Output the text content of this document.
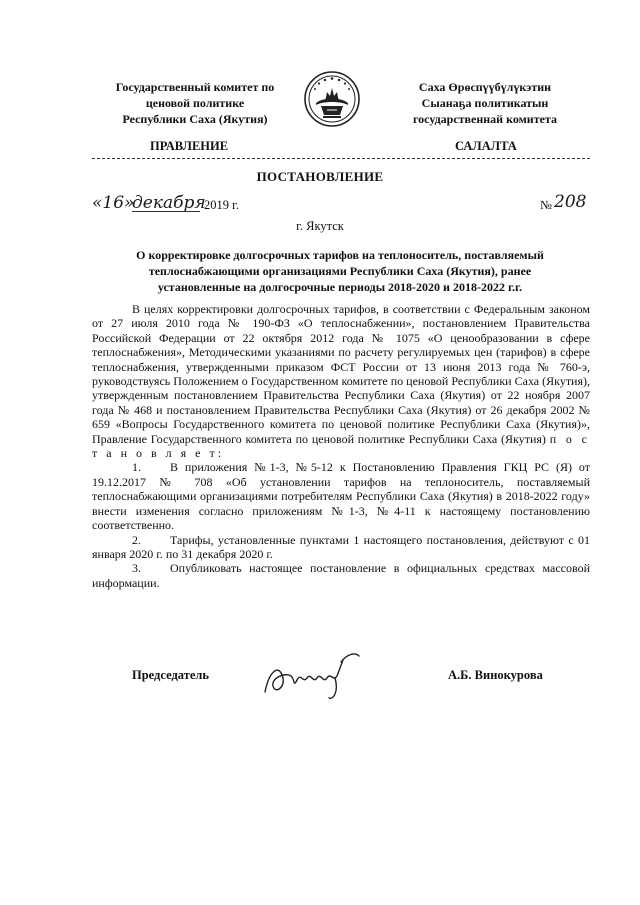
Государственный комитет по
ценовой политике
Республики Саха (Якутия)
Саха Өрөспүүбүлүкэтин
Сыанаҕа политикатын
государственнай комитета
ПРАВЛЕНИЕ	САЛАЛТА
ПОСТАНОВЛЕНИЕ
«16»
декабря
2019 г.	№ 208
г. Якутск
О корректировке долгосрочных тарифов на теплоноситель, поставляемый
теплоснабжающими организациями Республики Саха (Якутия), ранее
установленные на долгосрочные периоды 2018-2020 и 2018-2022 г.г.

В целях корректировки долгосрочных тарифов, в соответствии с Федеральным законом от 27 июля 2010 года № 190-ФЗ «О теплоснабжении», постановлением Правительства Российской Федерации от 22 октября 2012 года № 1075 «О ценообразовании в сфере теплоснабжения», Методическими указаниями по расчету регулируемых цен (тарифов) в сфере теплоснабжения, утвержденными приказом ФСТ России от 13 июня 2013 года № 760-э, руководствуясь Положением о Государственном комитете по ценовой Республики Саха (Якутия), утвержденным постановлением Правительства Республики Саха (Якутия) от 22 ноября 2007 года № 468 и постановлением Правительства Республики Саха (Якутия) от 26 декабря 2002 № 659 «Вопросы Государственного комитета по ценовой политике Республики Саха (Якутия)», Правление Государственного комитета по ценовой политике Республики Саха (Якутия) п о с т а н о в л я е т:

1. В приложения №1-3, №5-12 к Постановлению Правления ГКЦ РС (Я) от 19.12.2017 № 708 «Об установлении тарифов на теплоноситель, поставляемый теплоснабжающими организациями потребителям Республики Саха (Якутия) в 2018-2022 году» внести изменения согласно приложениям №1-3, №4-11 к настоящему постановлению соответственно.
2. Тарифы, установленные пунктами 1 настоящего постановления, действуют с 01 января 2020 г. по 31 декабря 2020 г.
3. Опубликовать настоящее постановление в официальных средствах массовой информации.
Председатель	А.Б. Винокурова
